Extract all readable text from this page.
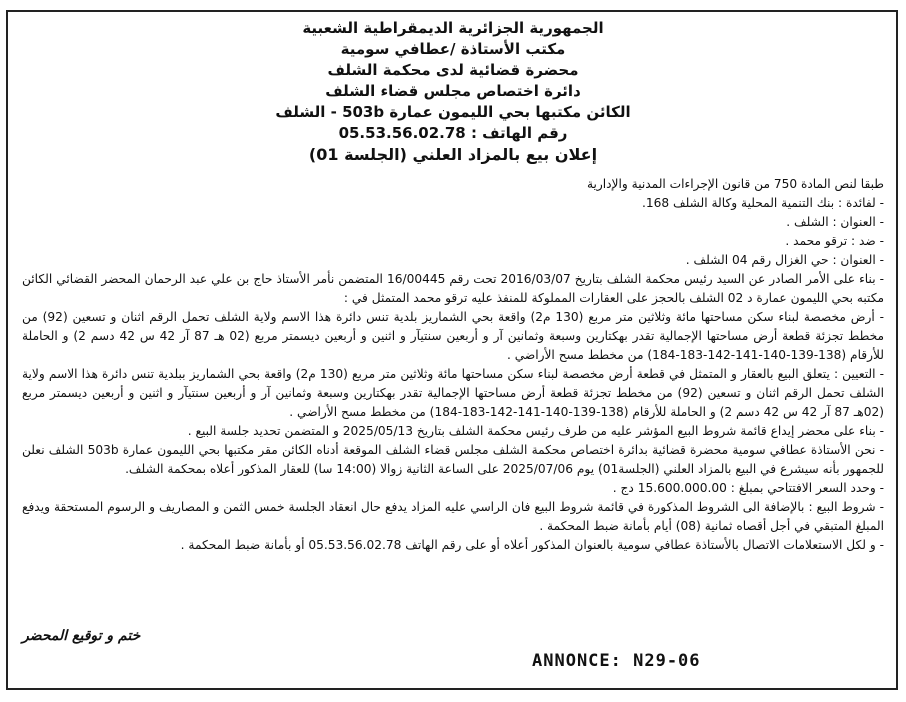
الجمهورية الجزائرية الديمقراطية الشعبية
مكتب الأستاذة /عطافي سومية
محضرة قضائية لدى محكمة الشلف
دائرة اختصاص مجلس قضاء الشلف
الكائن مكتبها بحي الليمون عمارة 503b - الشلف
رقم الهاتف : 05.53.56.02.78
إعلان بيع بالمزاد العلني (الجلسة 01)
طبقا لنص المادة 750 من قانون الإجراءات المدنية والإدارية
- لفائدة : بنك التنمية المحلية وكالة الشلف 168.
- العنوان : الشلف .
- ضد : ترقو محمد .
- العنوان : حي الغزال رقم 04 الشلف .
- بناء على الأمر الصادر عن السيد رئيس محكمة الشلف بتاريخ 2016/03/07 تحت رقم 16/00445 المتضمن نأمر الأستاذ حاج بن علي عبد الرحمان المحضر القضائي الكائن مكتبه بحي الليمون عمارة د 02 الشلف بالحجز على العقارات المملوكة للمنفذ عليه ترقو محمد المتمثل في :
- أرض مخصصة لبناء سكن مساحتها مائة وثلاثين متر مربع (130 م2) واقعة بحي الشماريز بلدية تنس دائرة هذا الاسم ولاية الشلف تحمل الرقم اثنان و تسعين (92) من مخطط تجزئة قطعة أرض مساحتها الإجمالية تقدر بهكتارين وسبعة وثمانين آر و أربعين سنتيآر و اثنين و أربعين ديسمتر مربع (02 هـ 87 آر 42 س 42 دسم 2) و الحاملة للأرقام (138-139-140-141-142-183-184) من مخطط مسح الأراضي .
- التعيين : يتعلق البيع بالعقار و المتمثل في قطعة أرض مخصصة لبناء سكن مساحتها مائة وثلاثين متر مربع (130 م2) واقعة بحي الشماريز ببلدية تنس دائرة هذا الاسم ولاية الشلف تحمل الرقم اثنان و تسعين (92) من مخطط تجزئة قطعة أرض مساحتها الإجمالية تقدر بهكتارين وسبعة وثمانين آر و أربعين سنتيآر و اثنين و أربعين ديسمتر مربع (02هـ 87 آر 42 س 42 دسم 2) و الحاملة للأرقام (138-139-140-141-142-183-184) من مخطط مسح الأراضي .
- بناء على محضر إيداع قائمة شروط البيع المؤشر عليه من طرف رئيس محكمة الشلف بتاريخ 2025/05/13 و المتضمن تحديد جلسة البيع .
- نحن الأستاذة عطافي سومية محضرة قضائية بدائرة اختصاص محكمة الشلف مجلس قضاء الشلف الموقعة أدناه الكائن مقر مكتبها بحي الليمون عمارة 503b الشلف نعلن للجمهور بأنه سيشرع في البيع بالمزاد العلني (الجلسة01) يوم 2025/07/06 على الساعة الثانية زوالا (14:00 سا) للعقار المذكور أعلاه بمحكمة الشلف.
- وحدد السعر الافتتاحي بمبلغ : 15.600.000.00 دج .
- شروط البيع : بالإضافة الى الشروط المذكورة في قائمة شروط البيع فان الراسي عليه المزاد يدفع حال انعقاد الجلسة خمس الثمن و المصاريف و الرسوم المستحقة ويدفع المبلغ المتبقي في أجل أقصاه ثمانية (08) أيام بأمانة ضبط المحكمة .
- و لكل الاستعلامات الاتصال بالأستاذة عطافي سومية بالعنوان المذكور أعلاه أو على رقم الهاتف 05.53.56.02.78 أو بأمانة ضبط المحكمة .
ختم و توقيع المحضر
ANNONCE: N29-06
